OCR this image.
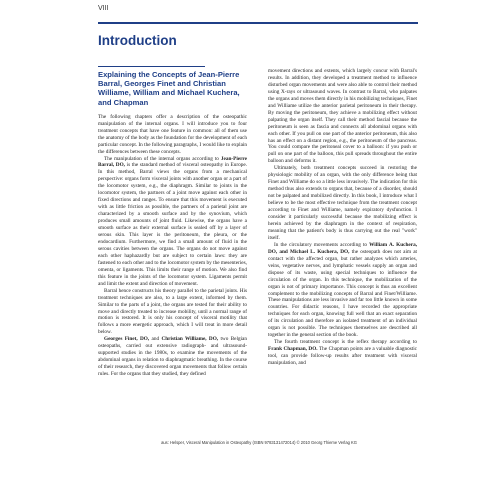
VIII
Introduction
Explaining the Concepts of Jean-Pierre Barral, Georges Finet and Christian Williame, William and Michael Kuchera, and Chapman

The following chapters offer a description of the osteopathic manipulation of the internal organs. I will introduce you to four treatment concepts that have one feature in common: all of them use the anatomy of the body as the foundation for the development of each particular concept. In the following paragraphs, I would like to explain the differences between these concepts.

The manipulation of the internal organs according to Jean-Pierre Barral, DO, is the standard method of visceral osteopathy in Europe. In this method, Barral views the organs from a mechanical perspective: organs form visceral joints with another organ or a part of the locomotor system, e.g., the diaphragm. Similar to joints in the locomotor system, the partners of a joint move against each other in fixed directions and ranges. To ensure that this movement is executed with as little friction as possible, the partners of a parietal joint are characterized by a smooth surface and by the synovium, which produces small amounts of joint fluid. Likewise, the organs have a smooth surface as their external surface is sealed off by a layer of serous skin. This layer is the peritoneum, the pleura, or the endocardium. Furthermore, we find a small amount of fluid in the serous cavities between the organs. The organs do not move against each other haphazardly but are subject to certain laws: they are fastened to each other and to the locomotor system by the mesenteries, omenta, or ligaments. This limits their range of motion. We also find this feature in the joints of the locomotor system. Ligaments permit and limit the extent and direction of movement.

Barral hence constructs his theory parallel to the parietal joints. His treatment techniques are also, to a large extent, informed by them. Similar to the parts of a joint, the organs are tested for their ability to move and directly treated to increase mobility, until a normal range of motion is restored. It is only his concept of visceral motility that follows a more energetic approach, which I will treat in more detail below.

Georges Finet, DO, and Christian Williame, DO, two Belgian osteopaths, carried out extensive radiograph- and ultrasound-supported studies in the 1980s, to examine the movements of the abdominal organs in relation to diaphragmatic breathing. In the course of their research, they discovered organ movements that follow certain rules. For the organs that they studied, they defined

movement directions and extents, which largely concur with Barral's results. In addition, they developed a treatment method to influence disturbed organ movements and were also able to control their method using X-rays or ultrasound waves. In contrast to Barral, who palpates the organs and moves them directly in his mobilizing techniques, Finet and Williame utilize the anterior parietal peritoneum in their therapy. By moving the peritoneum, they achieve a mobilizing effect without palpating the organ itself. They call their method fascial because the peritoneum is seen as fascia and connects all abdominal organs with each other. If you pull on one part of the anterior peritoneum, this also has an effect on a distant region, e.g., the peritoneum of the pancreas. You could compare the peritoneal cover to a balloon: if you push or pull on one part of the balloon, this pull spreads throughout the entire balloon and deforms it.

Ultimately, both treatment concepts succeed in restoring the physiologic mobility of an organ, with the only difference being that Finet and Williame do so a little less invasively. The indication for this method thus also extends to organs that, because of a disorder, should not be palpated and mobilized directly. In this book, I introduce what I believe to be the most effective technique from the treatment concept according to Finet and Williame, namely expiratory dysfunction. I consider it particularly successful because the mobilizing effect is herein achieved by the diaphragm in the context of respiration, meaning that the patient's body is thus carrying out the real "work" itself.

In the circulatory movements according to William A. Kuchera, DO, and Michael L. Kuchera, DO, the osteopath does not aim at contact with the affected organ, but rather analyzes which arteries, veins, vegetative nerves, and lymphatic vessels supply an organ and dispose of its waste, using special techniques to influence the circulation of the organ. In this technique, the mobilization of the organ is not of primary importance. This concept is thus an excellent complement to the mobilizing concepts of Barral and Finet/Williame. These manipulations are less invasive and far too little known in some countries. For didactic reasons, I have recorded the appropriate techniques for each organ, knowing full well that an exact separation of its circulation and therefore an isolated treatment of an individual organ is not possible. The techniques themselves are described all together in the general section of the book.

The fourth treatment concept is the reflex therapy according to Frank Chapman, DO. The Chapman points are a valuable diagnostic tool, can provide follow-up results after treatment with visceral manipulation, and

aus: Helsper, Visceral Manipulation in Osteopathy (ISBN 9783131472014) © 2010 Georg Thieme Verlag KG
